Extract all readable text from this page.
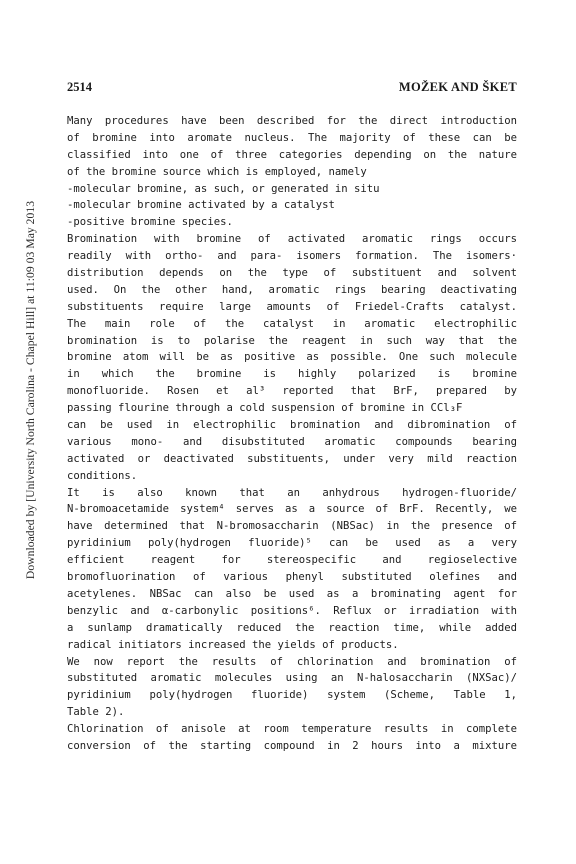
Downloaded by [University North Carolina - Chapel Hill] at 11:09 03 May 2013
2514	MOŽEK AND ŠKET
Many procedures have been described for the direct introduction
of bromine into aromate nucleus. The majority of these can be
classified into one of three categories depending on the nature
of the bromine source which is employed, namely
-molecular bromine, as such, or generated in situ
-molecular bromine activated by a catalyst
-positive bromine species.
Bromination with bromine of activated aromatic rings occurs
readily with ortho- and para- isomers formation. The isomers·
distribution depends on the type of substituent and solvent
used. On the other hand, aromatic rings bearing deactivating
substituents require large amounts of Friedel-Crafts catalyst.
The main role of the catalyst in aromatic electrophilic
bromination is to polarise the reagent in such way that the
bromine atom will be as positive as possible. One such molecule
in which the bromine is highly polarized is bromine
monofluoride. Rosen et al³ reported that BrF, prepared by
passing flourine through a cold suspension of bromine in CCl₃F
can be used in electrophilic bromination and dibromination of
various mono- and disubstituted aromatic compounds bearing
activated or deactivated substituents, under very mild reaction
conditions.
It is also known that an anhydrous hydrogen-fluoride/
N-bromoacetamide system⁴ serves as a source of BrF. Recently, we
have determined that N-bromosaccharin (NBSac) in the presence of
pyridinium poly(hydrogen fluoride)⁵ can be used as a very
efficient reagent for stereospecific and regioselective
bromofluorination of various phenyl substituted olefines and
acetylenes. NBSac can also be used as a brominating agent for
benzylic and α-carbonylic positions⁶. Reflux or irradiation with
a sunlamp dramatically reduced the reaction time, while added
radical initiators increased the yields of products.
We now report the results of chlorination and bromination of
substituted aromatic molecules using an N-halosaccharin (NXSac)/
pyridinium poly(hydrogen fluoride) system (Scheme, Table 1,
Table 2).
Chlorination of anisole at room temperature results in complete
conversion of the starting compound in 2 hours into a mixture
